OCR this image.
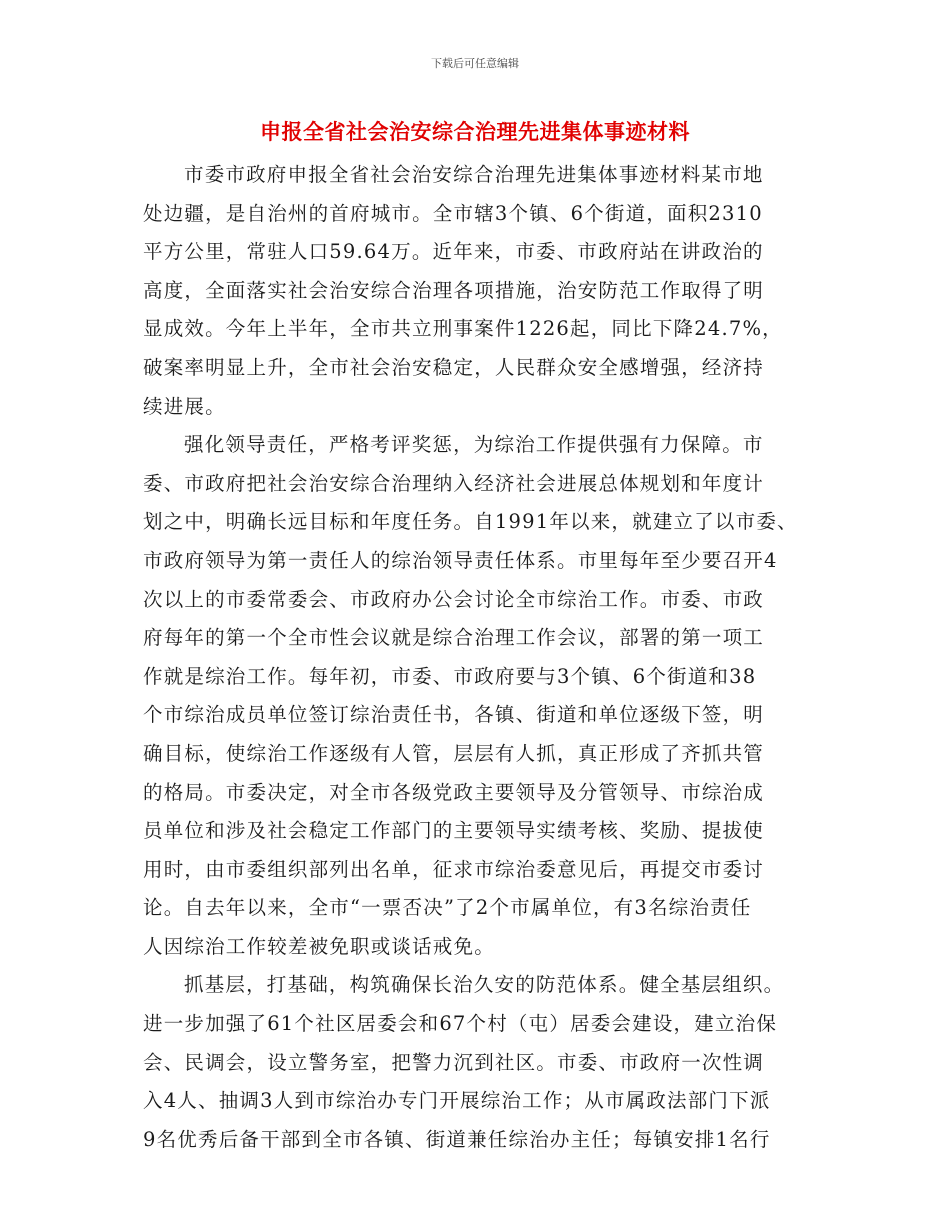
下载后可任意编辑
申报全省社会治安综合治理先进集体事迹材料
市委市政府申报全省社会治安综合治理先进集体事迹材料某市地
处边疆，是自治州的首府城市。全市辖3个镇、6个街道，面积2310
平方公里，常驻人口59.64万。近年来，市委、市政府站在讲政治的
高度，全面落实社会治安综合治理各项措施，治安防范工作取得了明
显成效。今年上半年，全市共立刑事案件1226起，同比下降24.7%，
破案率明显上升，全市社会治安稳定，人民群众安全感增强，经济持
续进展。
强化领导责任，严格考评奖惩，为综治工作提供强有力保障。市
委、市政府把社会治安综合治理纳入经济社会进展总体规划和年度计
划之中，明确长远目标和年度任务。自1991年以来，就建立了以市委、
市政府领导为第一责任人的综治领导责任体系。市里每年至少要召开4
次以上的市委常委会、市政府办公会讨论全市综治工作。市委、市政
府每年的第一个全市性会议就是综合治理工作会议，部署的第一项工
作就是综治工作。每年初，市委、市政府要与3个镇、6个街道和38
个市综治成员单位签订综治责任书，各镇、街道和单位逐级下签，明
确目标，使综治工作逐级有人管，层层有人抓，真正形成了齐抓共管
的格局。市委决定，对全市各级党政主要领导及分管领导、市综治成
员单位和涉及社会稳定工作部门的主要领导实绩考核、奖励、提拔使
用时，由市委组织部列出名单，征求市综治委意见后，再提交市委讨
论。自去年以来，全市“一票否决”了2个市属单位，有3名综治责任
人因综治工作较差被免职或谈话戒免。
抓基层，打基础，构筑确保长治久安的防范体系。健全基层组织。
进一步加强了61个社区居委会和67个村（屯）居委会建设，建立治保
会、民调会，设立警务室，把警力沉到社区。市委、市政府一次性调
入4人、抽调3人到市综治办专门开展综治工作；从市属政法部门下派
9名优秀后备干部到全市各镇、街道兼任综治办主任；每镇安排1名行
